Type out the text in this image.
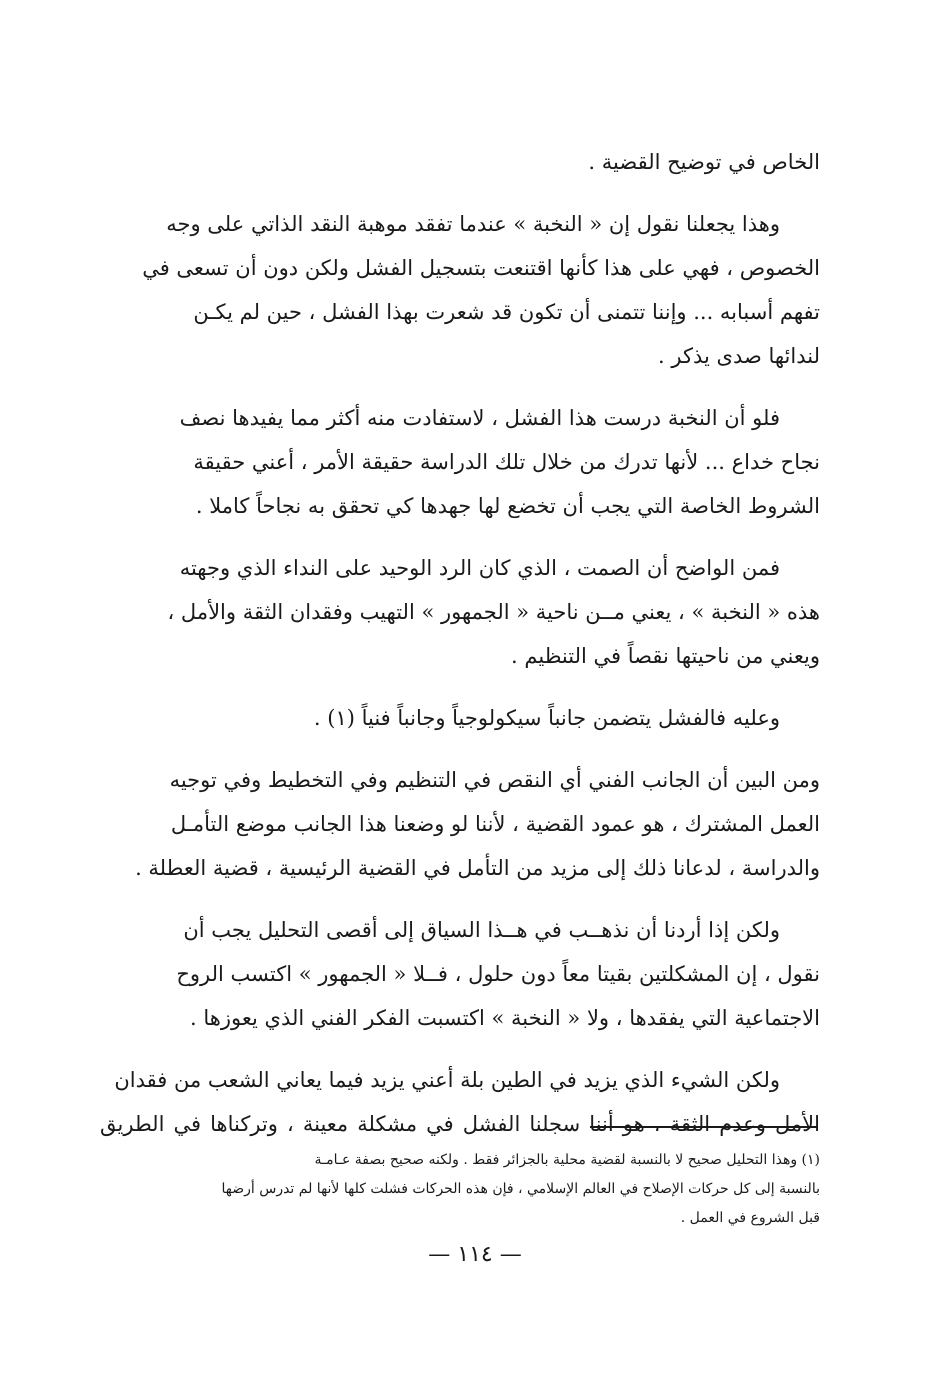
الخاص في توضيح القضية .
وهذا يجعلنا نقول إن « النخبة » عندما تفقد موهبة النقد الذاتي على وجه
الخصوص ، فهي على هذا كأنها اقتنعت بتسجيل الفشل ولكن دون أن تسعى في
تفهم أسبابه ... وإننا تتمنى أن تكون قد شعرت بهذا الفشل ، حين لم يكـن
لندائها صدى يذكر .
فلو أن النخبة درست هذا الفشل ، لاستفادت منه أكثر مما يفيدها نصف
نجاح خداع ... لأنها تدرك من خلال تلك الدراسة حقيقة الأمر ، أعني حقيقة
الشروط الخاصة التي يجب أن تخضع لها جهدها كي تحقق به نجاحاً كاملا .
فمن الواضح أن الصمت ، الذي كان الرد الوحيد على النداء الذي وجهته
هذه « النخبة » ، يعني مــن ناحية « الجمهور » التهيب وفقدان الثقة والأمل ،
ويعني من ناحيتها نقصاً في التنظيم .
وعليه فالفشل يتضمن جانباً سيكولوجياً وجانباً فنياً (١) .
ومن البين أن الجانب الفني أي النقص في التنظيم وفي التخطيط وفي توجيه
العمل المشترك ، هو عمود القضية ، لأننا لو وضعنا هذا الجانب موضع التأمـل
والدراسة ، لدعانا ذلك إلى مزيد من التأمل في القضية الرئيسية ، قضية العطلة .
ولكن إذا أردنا أن نذهــب في هــذا السياق إلى أقصى التحليل يجب أن
نقول ، إن المشكلتين بقيتا معاً دون حلول ، فــلا « الجمهور » اكتسب الروح
الاجتماعية التي يفقدها ، ولا « النخبة » اكتسبت الفكر الفني الذي يعوزها .
ولكن الشيء الذي يزيد في الطين بلة أعني يزيد فيما يعاني الشعب من فقدان
الأمل وعدم الثقة ، هو أننا سجلنا الفشل في مشكلة معينة ، وتركناها في الطريق
(١) وهذا التحليل صحيح لا بالنسبة لقضية محلية بالجزائر فقط . ولكنه صحيح بصفة عـامـة
بالنسبة إلى كل حركات الإصلاح في العالم الإسلامي ، فإن هذه الحركات فشلت كلها لأنها لم تدرس أرضها
قبل الشروع في العمل .
— ١١٤ —
